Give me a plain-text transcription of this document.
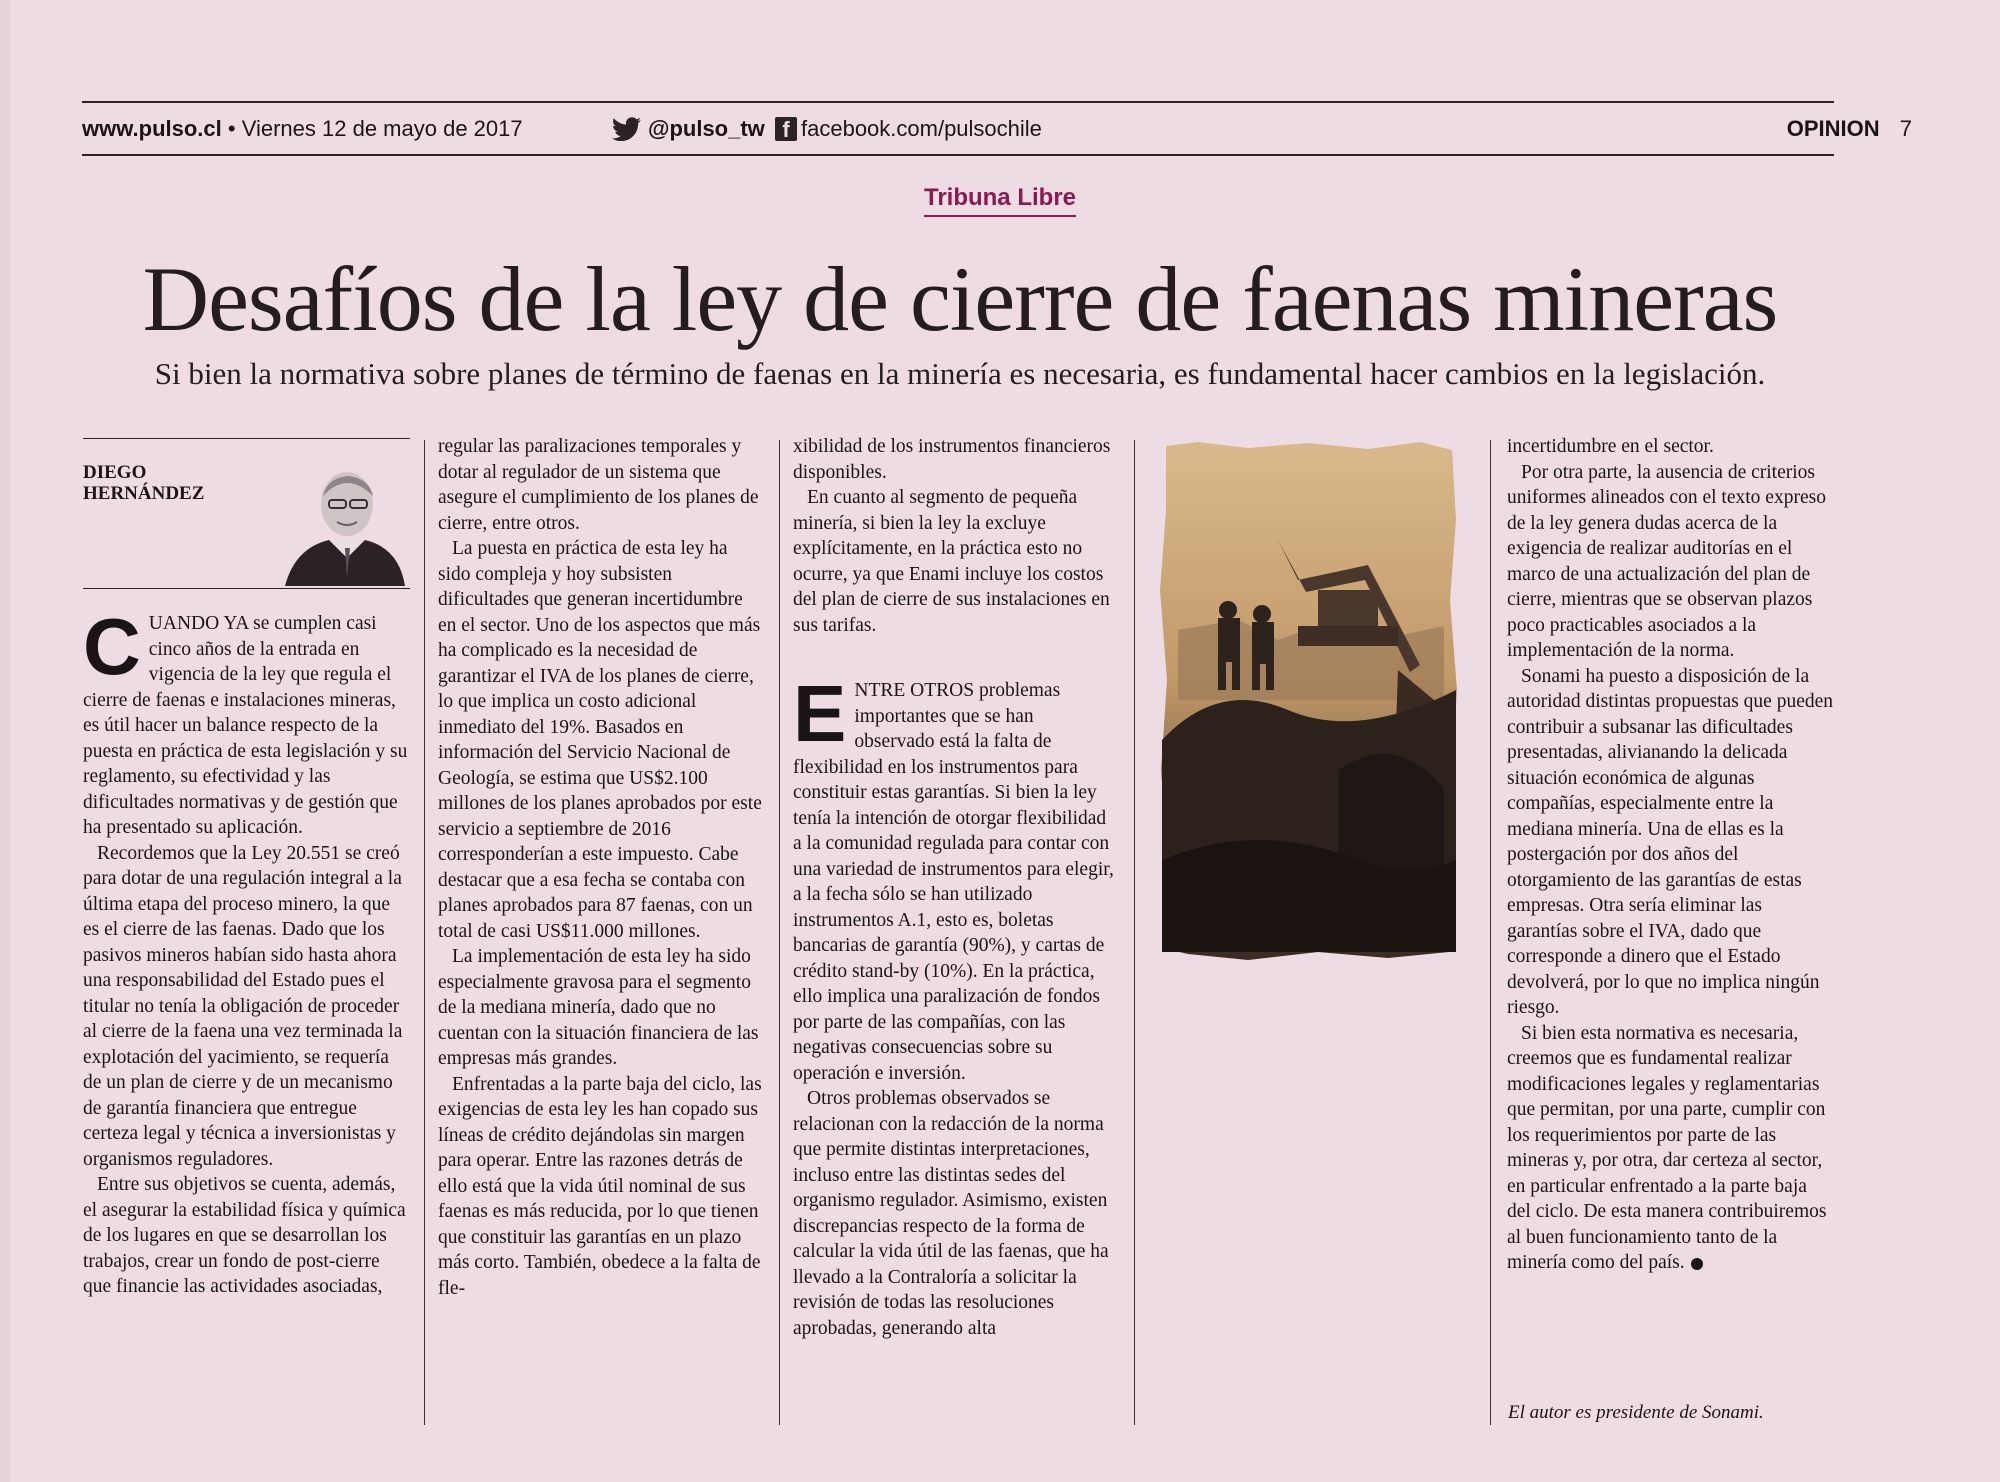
www.pulso.cl • Viernes 12 de mayo de 2017	@pulso_tw f facebook.com/pulsochile	OPINION 7
Tribuna Libre
Desafíos de la ley de cierre de faenas mineras
Si bien la normativa sobre planes de término de faenas en la minería es necesaria, es fundamental hacer cambios en la legislación.
DIEGO
HERNÁNDEZ

CUANDO YA se cumplen casi cinco años de la entrada en vigencia de la ley que regula el cierre de faenas e instalaciones mineras, es útil hacer un balance respecto de la puesta en práctica de esta legislación y su reglamento, su efectividad y las dificultades normativas y de gestión que ha presentado su aplicación.

Recordemos que la Ley 20.551 se creó para dotar de una regulación integral a la última etapa del proceso minero, la que es el cierre de las faenas. Dado que los pasivos mineros habían sido hasta ahora una responsabilidad del Estado pues el titular no tenía la obligación de proceder al cierre de la faena una vez terminada la explotación del yacimiento, se requería de un plan de cierre y de un mecanismo de garantía financiera que entregue certeza legal y técnica a inversionistas y organismos reguladores.

Entre sus objetivos se cuenta, además, el asegurar la estabilidad física y química de los lugares en que se desarrollan los trabajos, crear un fondo de post-cierre que financie las actividades asociadas,

regular las paralizaciones temporales y dotar al regulador de un sistema que asegure el cumplimiento de los planes de cierre, entre otros.

La puesta en práctica de esta ley ha sido compleja y hoy subsisten dificultades que generan incertidumbre en el sector. Uno de los aspectos que más ha complicado es la necesidad de garantizar el IVA de los planes de cierre, lo que implica un costo adicional inmediato del 19%. Basados en información del Servicio Nacional de Geología, se estima que US$2.100 millones de los planes aprobados por este servicio a septiembre de 2016 corresponderían a este impuesto. Cabe destacar que a esa fecha se contaba con planes aprobados para 87 faenas, con un total de casi US$11.000 millones.

La implementación de esta ley ha sido especialmente gravosa para el segmento de la mediana minería, dado que no cuentan con la situación financiera de las empresas más grandes.

Enfrentadas a la parte baja del ciclo, las exigencias de esta ley les han copado sus líneas de crédito dejándolas sin margen para operar. Entre las razones detrás de ello está que la vida útil nominal de sus faenas es más reducida, por lo que tienen que constituir las garantías en un plazo más corto. También, obedece a la falta de fle-

xibilidad de los instrumentos financieros disponibles.

En cuanto al segmento de pequeña minería, si bien la ley la excluye explícitamente, en la práctica esto no ocurre, ya que Enami incluye los costos del plan de cierre de sus instalaciones en sus tarifas.

ENTRE OTROS problemas importantes que se han observado está la falta de flexibilidad en los instrumentos para constituir estas garantías. Si bien la ley tenía la intención de otorgar flexibilidad a la comunidad regulada para contar con una variedad de instrumentos para elegir, a la fecha sólo se han utilizado instrumentos A.1, esto es, boletas bancarias de garantía (90%), y cartas de crédito stand-by (10%). En la práctica, ello implica una paralización de fondos por parte de las compañías, con las negativas consecuencias sobre su operación e inversión.

Otros problemas observados se relacionan con la redacción de la norma que permite distintas interpretaciones, incluso entre las distintas sedes del organismo regulador. Asimismo, existen discrepancias respecto de la forma de calcular la vida útil de las faenas, que ha llevado a la Contraloría a solicitar la revisión de todas las resoluciones aprobadas, generando alta

incertidumbre en el sector.

Por otra parte, la ausencia de criterios uniformes alineados con el texto expreso de la ley genera dudas acerca de la exigencia de realizar auditorías en el marco de una actualización del plan de cierre, mientras que se observan plazos poco practicables asociados a la implementación de la norma.

Sonami ha puesto a disposición de la autoridad distintas propuestas que pueden contribuir a subsanar las dificultades presentadas, alivianando la delicada situación económica de algunas compañías, especialmente entre la mediana minería. Una de ellas es la postergación por dos años del otorgamiento de las garantías de estas empresas. Otra sería eliminar las garantías sobre el IVA, dado que corresponde a dinero que el Estado devolverá, por lo que no implica ningún riesgo.

Si bien esta normativa es necesaria, creemos que es fundamental realizar modificaciones legales y reglamentarias que permitan, por una parte, cumplir con los requerimientos por parte de las mineras y, por otra, dar certeza al sector, en particular enfrentado a la parte baja del ciclo. De esta manera contribuiremos al buen funcionamiento tanto de la minería como del país.

El autor es presidente de Sonami.
